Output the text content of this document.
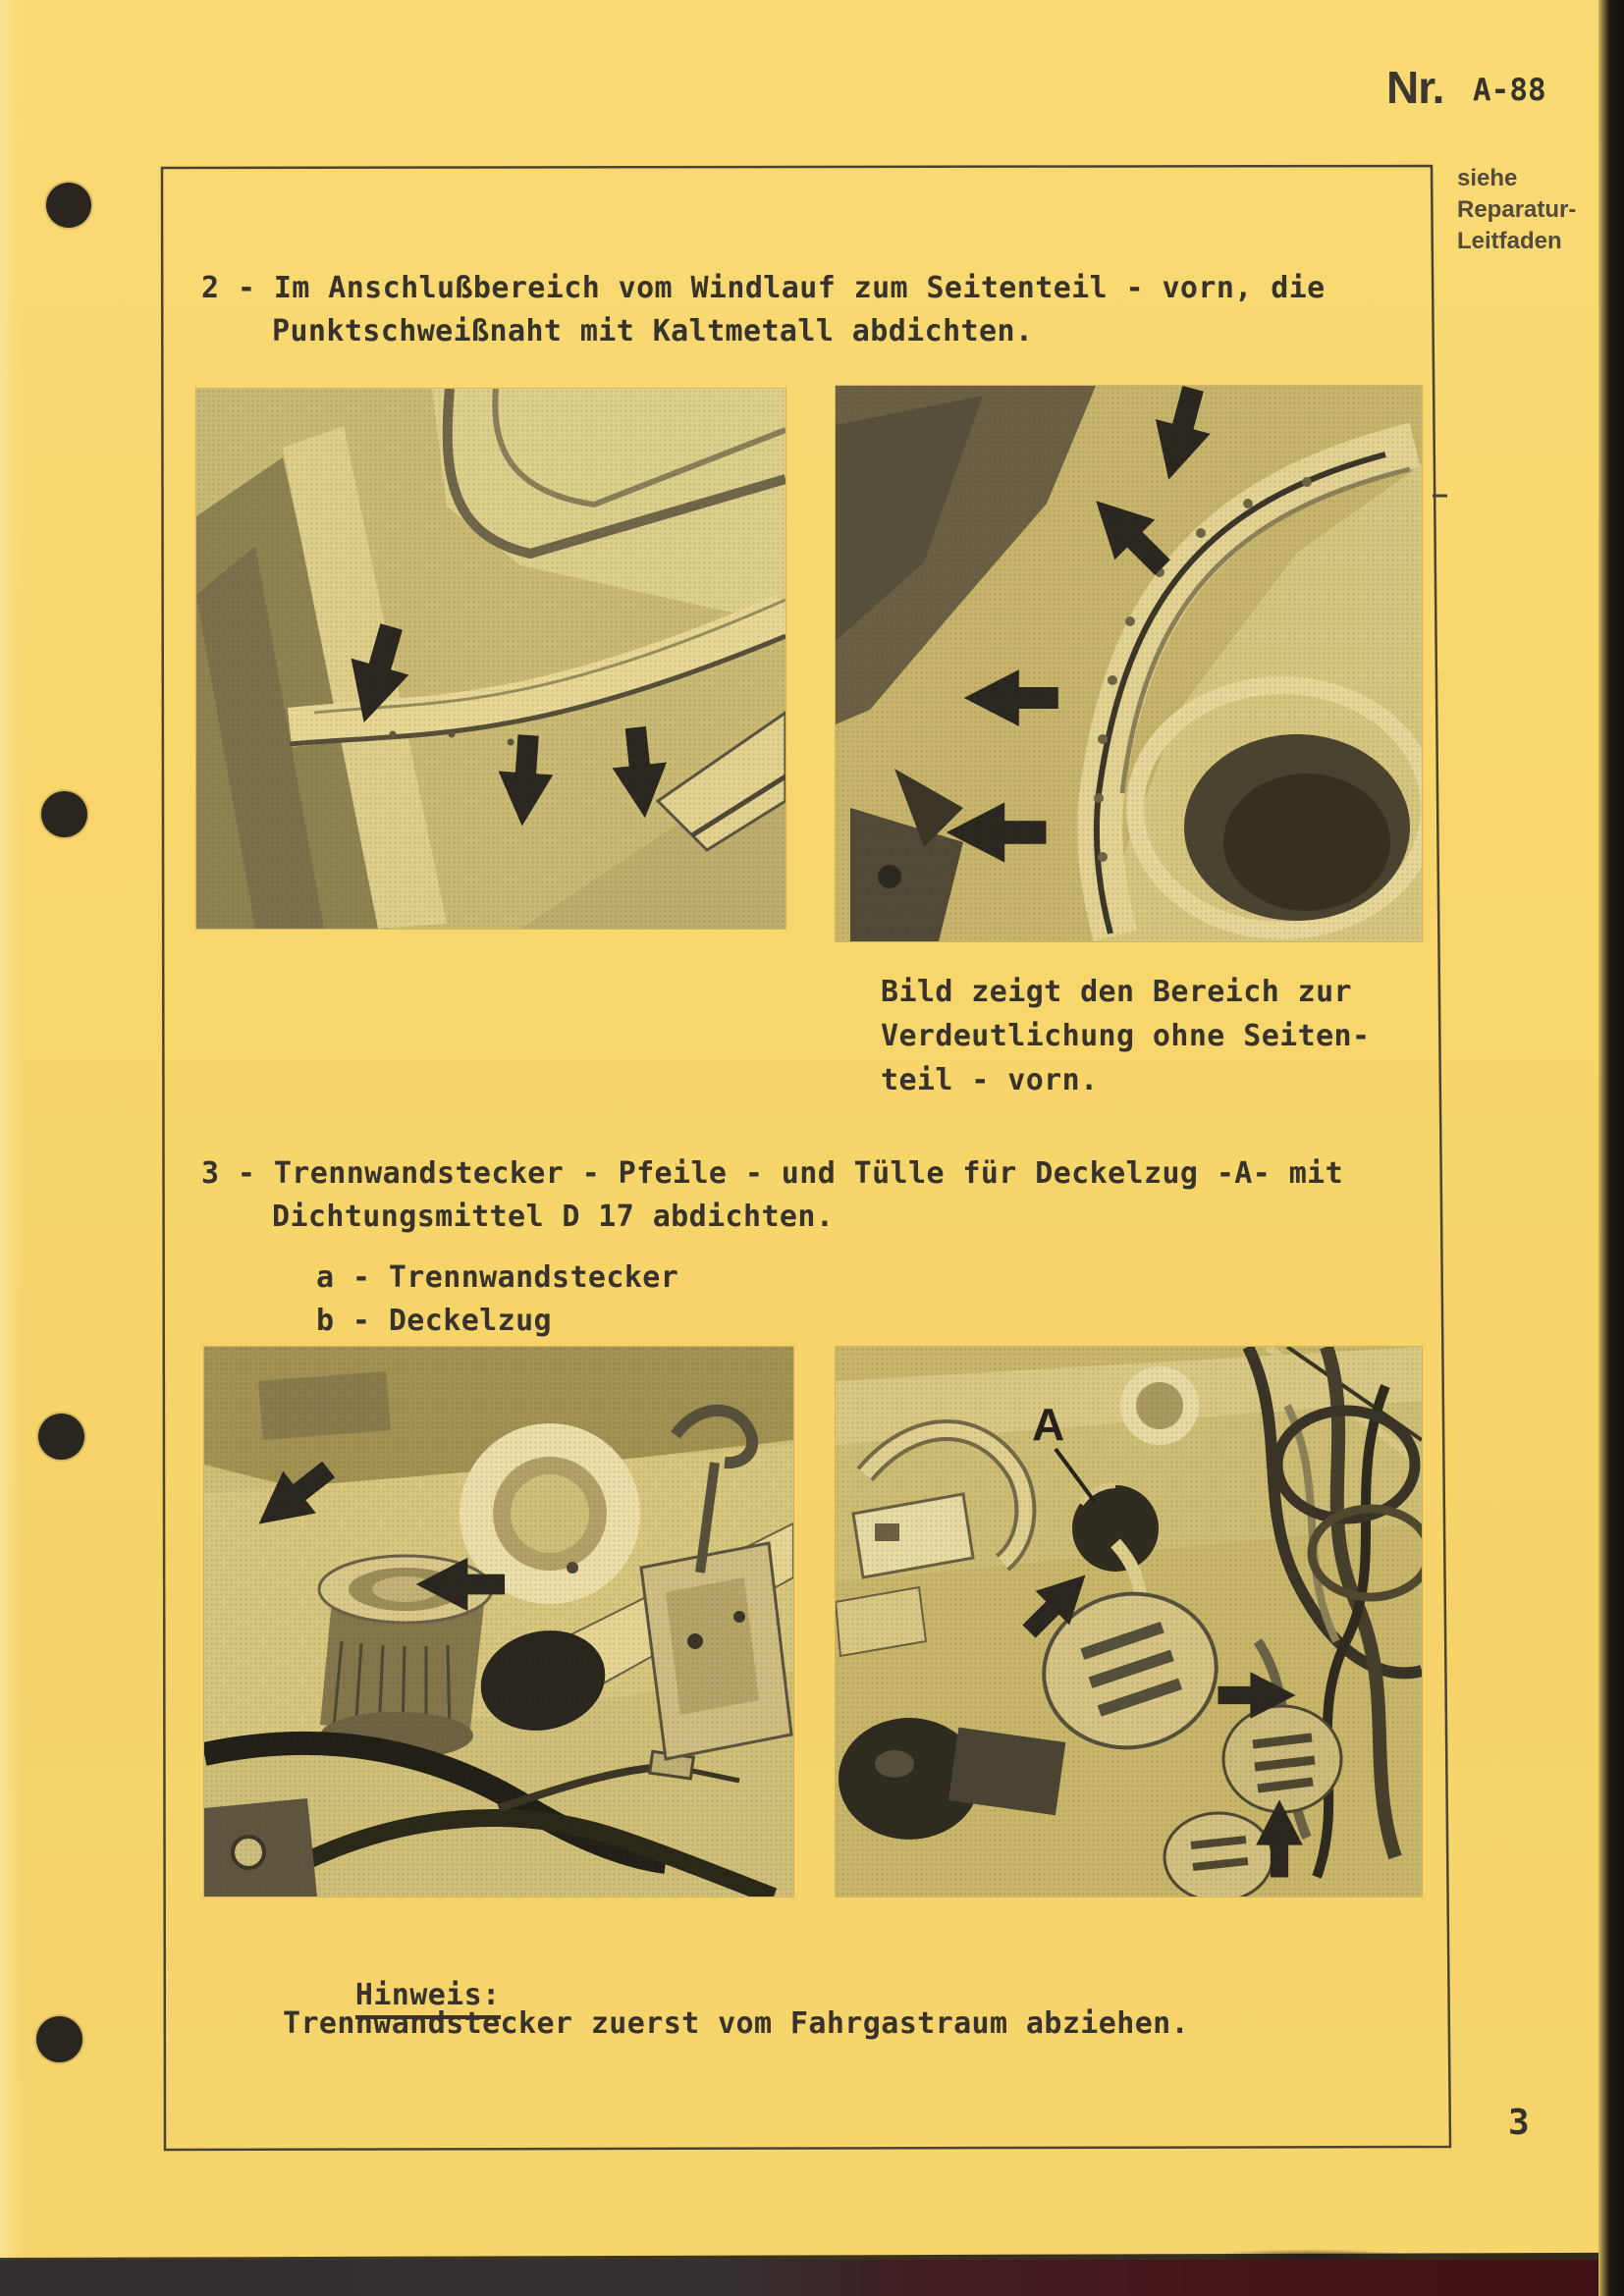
Nr. A-88
siehe
Reparatur-
Leitfaden
2 - Im Anschlußbereich vom Windlauf zum Seitenteil - vorn, die
Punktschweißnaht mit Kaltmetall abdichten.
Bild zeigt den Bereich zur
Verdeutlichung ohne Seiten-
teil - vorn.
3 - Trennwandstecker - Pfeile - und Tülle für Deckelzug -A- mit
Dichtungsmittel D 17 abdichten.
a - Trennwandstecker
b - Deckelzug
A

Hinweis:

Trennwandstecker zuerst vom Fahrgastraum abziehen.
3
